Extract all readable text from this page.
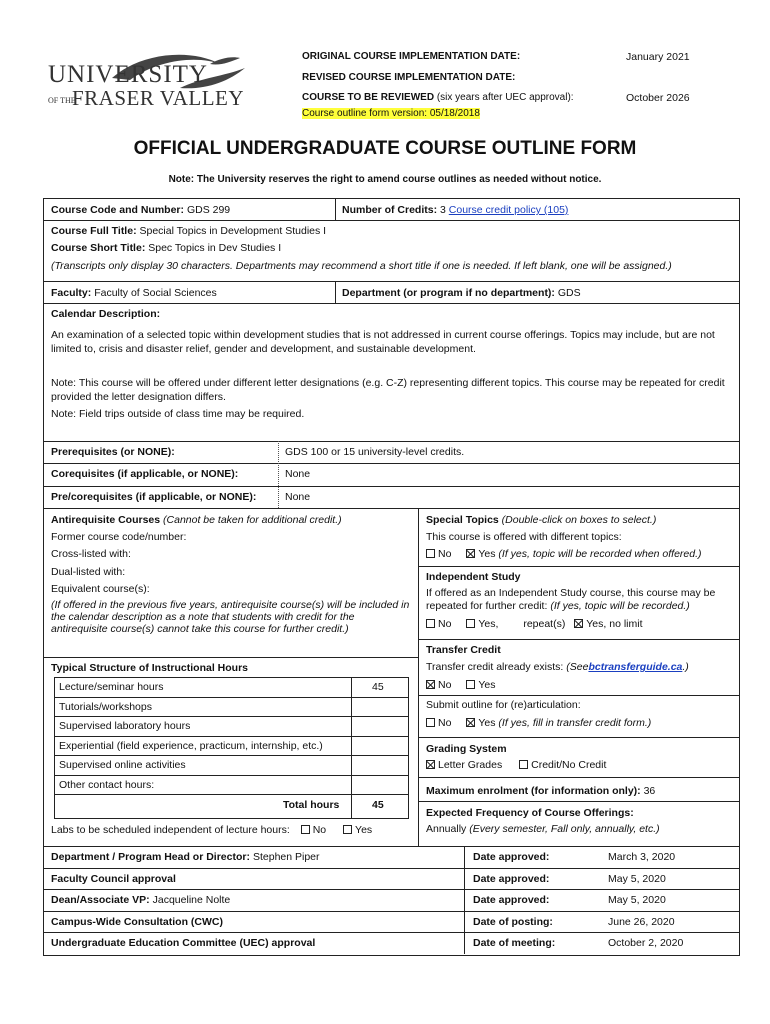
UNIVERSITY
OF THE
FRASER VALLEY
ORIGINAL COURSE IMPLEMENTATION DATE:	January 2021
REVISED COURSE IMPLEMENTATION DATE:
COURSE TO BE REVIEWED (six years after UEC approval):	October 2026
Course outline form version: 05/18/2018
OFFICIAL UNDERGRADUATE COURSE OUTLINE FORM
Note: The University reserves the right to amend course outlines as needed without notice.
Course Code and Number: GDS 299	Number of Credits: 3 Course credit policy (105)
Course Full Title: Special Topics in Development Studies I
Course Short Title: Spec Topics in Dev Studies I
(Transcripts only display 30 characters. Departments may recommend a short title if one is needed. If left blank, one will be assigned.)
Faculty: Faculty of Social Sciences	Department (or program if no department): GDS
Calendar Description:
An examination of a selected topic within development studies that is not addressed in current course offerings. Topics may include, but are not limited to, crisis and disaster relief, gender and development, and sustainable development.
Note: This course will be offered under different letter designations (e.g. C-Z) representing different topics. This course may be repeated for credit provided the letter designation differs.
Note: Field trips outside of class time may be required.
Prerequisites (or NONE):	GDS 100 or 15 university-level credits.
Corequisites (if applicable, or NONE):	None
Pre/corequisites (if applicable, or NONE):	None
Antirequisite Courses (Cannot be taken for additional credit.)
Former course code/number:
Cross-listed with:
Dual-listed with:
Equivalent course(s):
(If offered in the previous five years, antirequisite course(s) will be included in the calendar description as a note that students with credit for the antirequisite course(s) cannot take this course for further credit.)
Typical Structure of Instructional Hours
Lecture/seminar hours	45
Tutorials/workshops
Supervised laboratory hours
Experiential (field experience, practicum, internship, etc.)
Supervised online activities
Other contact hours:
Total hours	45
Labs to be scheduled independent of lecture hours: No	Yes
Special Topics (Double-click on boxes to select.)
This course is offered with different topics:
No	Yes (If yes, topic will be recorded when offered.)
Independent Study
If offered as an Independent Study course, this course may be repeated for further credit: (If yes, topic will be recorded.)
No	Yes, repeat(s) Yes, no limit
Transfer Credit
Transfer credit already exists: (Seebctransferguide.ca.)
No	Yes
Submit outline for (re)articulation:
No	Yes (If yes, fill in transfer credit form.)
Grading System
Letter Grades	Credit/No Credit
Maximum enrolment (for information only): 36
Expected Frequency of Course Offerings:
Annually (Every semester, Fall only, annually, etc.)
Department / Program Head or Director: Stephen Piper	Date approved:	March 3, 2020
Faculty Council approval	Date approved:	May 5, 2020
Dean/Associate VP: Jacqueline Nolte	Date approved:	May 5, 2020
Campus-Wide Consultation (CWC)	Date of posting:	June 26, 2020
Undergraduate Education Committee (UEC) approval	Date of meeting:	October 2, 2020
